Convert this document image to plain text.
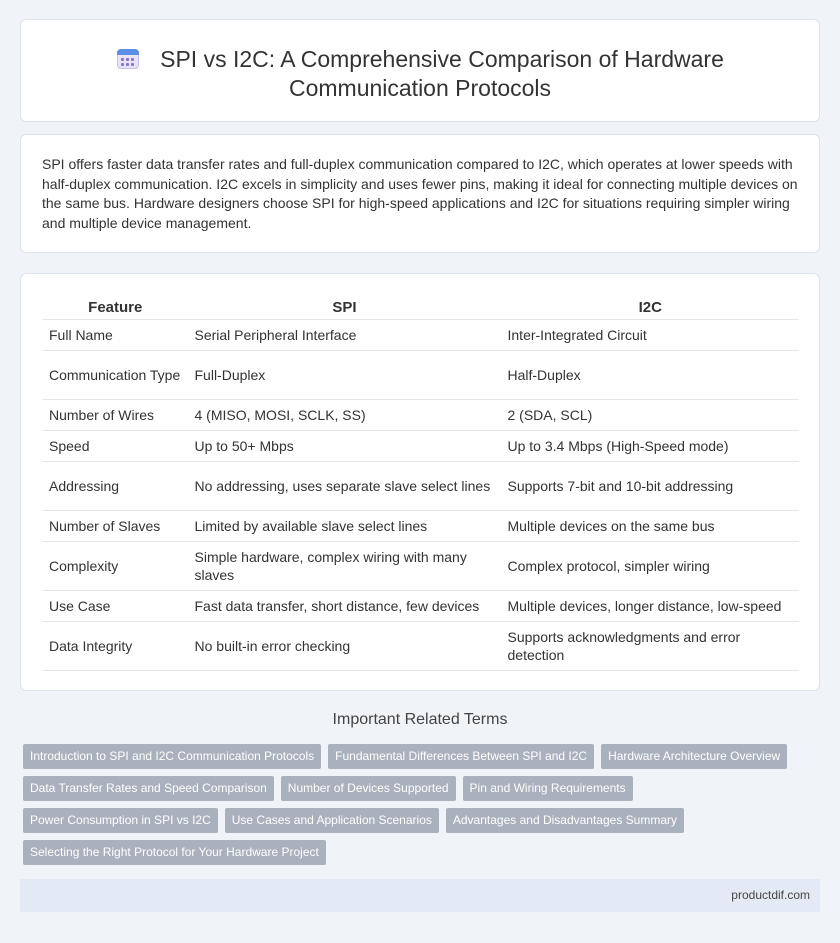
SPI vs I2C: A Comprehensive Comparison of Hardware
Communication Protocols

SPI offers faster data transfer rates and full-duplex communication compared to I2C, which operates at lower speeds with half-duplex communication. I2C excels in simplicity and uses fewer pins, making it ideal for connecting multiple devices on the same bus. Hardware designers choose SPI for high-speed applications and I2C for situations requiring simpler wiring and multiple device management.

Feature	SPI	I2C
Full Name	Serial Peripheral Interface	Inter-Integrated Circuit
Communication Type	Full-Duplex	Half-Duplex
Number of Wires	4 (MISO, MOSI, SCLK, SS)	2 (SDA, SCL)
Speed	Up to 50+ Mbps	Up to 3.4 Mbps (High-Speed mode)
Addressing	No addressing, uses separate slave select lines	Supports 7-bit and 10-bit addressing
Number of Slaves	Limited by available slave select lines	Multiple devices on the same bus
Complexity	Simple hardware, complex wiring with many slaves	Complex protocol, simpler wiring
Use Case	Fast data transfer, short distance, few devices	Multiple devices, longer distance, low-speed
Data Integrity	No built-in error checking	Supports acknowledgments and error detection
Important Related Terms
Introduction to SPI and I2C Communication Protocols	Fundamental Differences Between SPI and I2C	Hardware Architecture Overview
Data Transfer Rates and Speed Comparison	Number of Devices Supported	Pin and Wiring Requirements
Power Consumption in SPI vs I2C	Use Cases and Application Scenarios	Advantages and Disadvantages Summary
Selecting the Right Protocol for Your Hardware Project
productdif.com
